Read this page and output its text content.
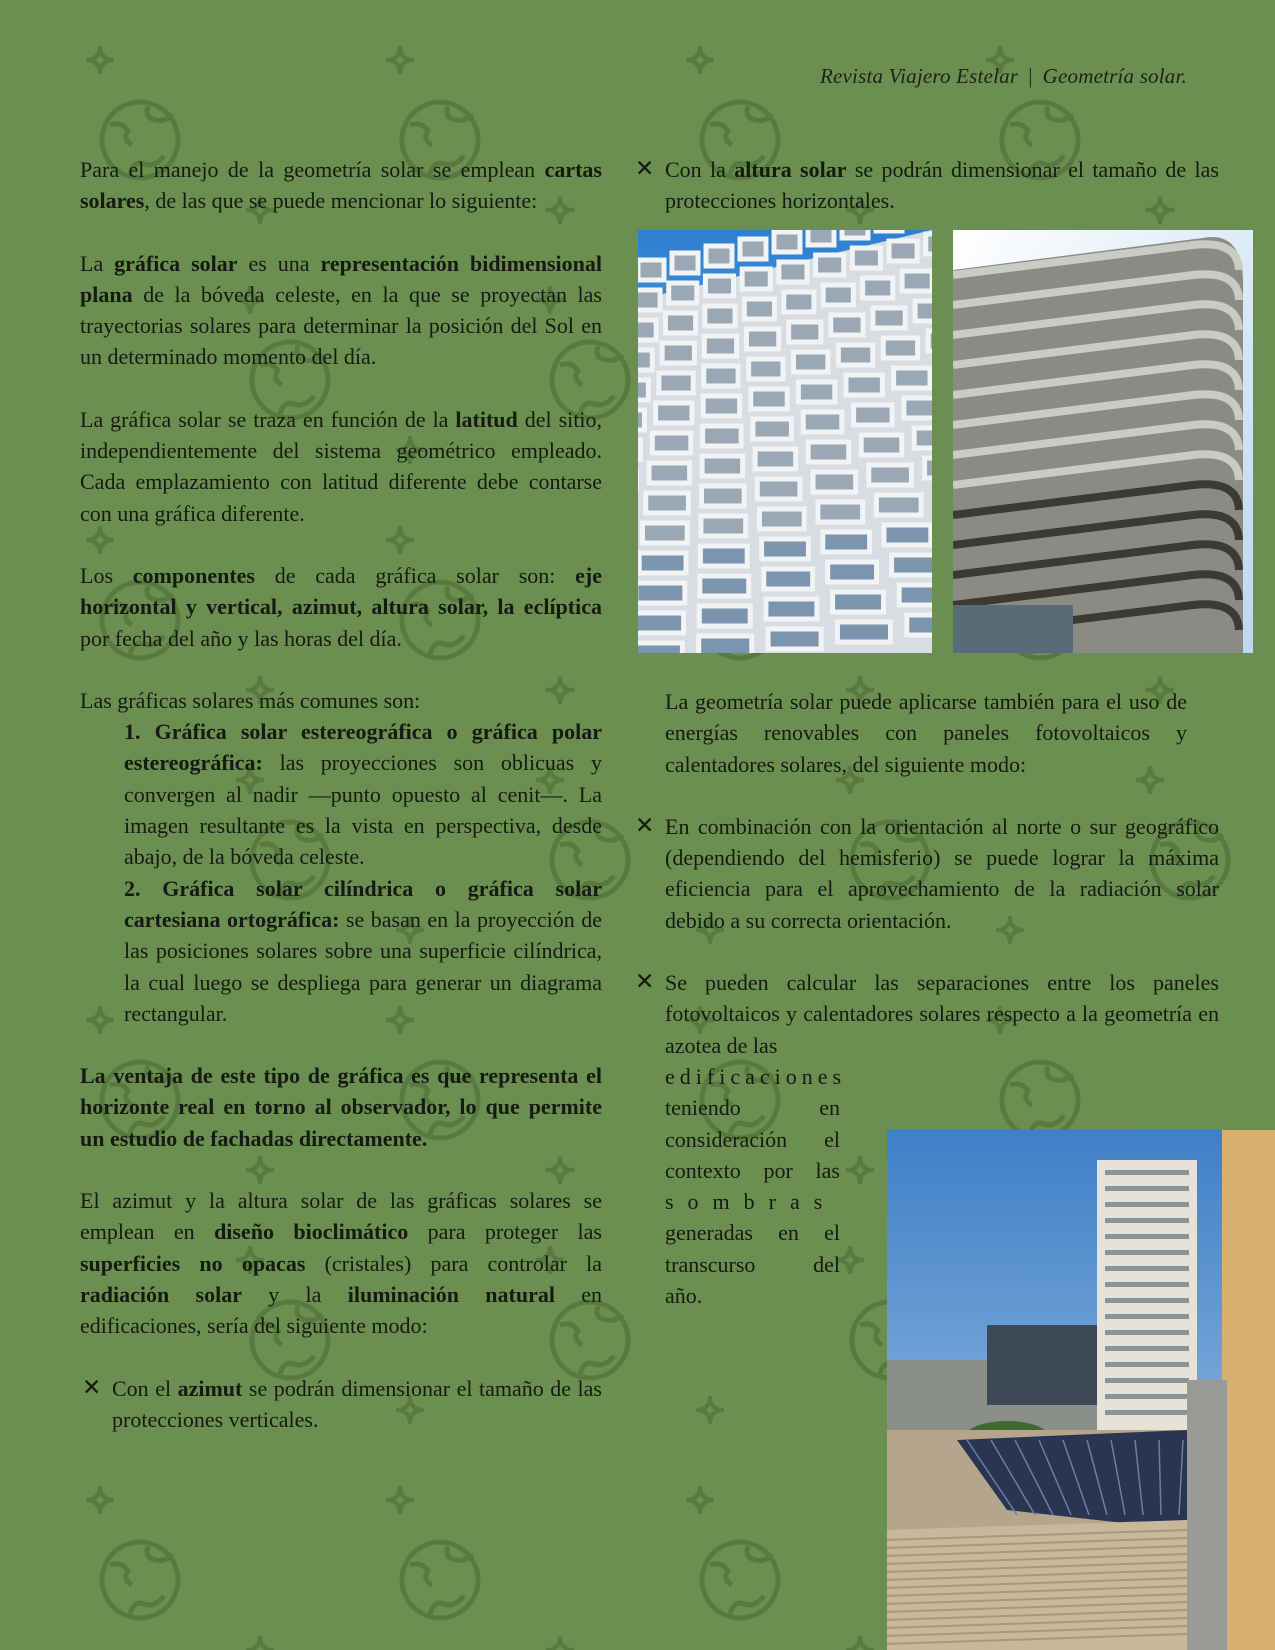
Revista Viajero Estelar | Geometría solar.

Para el manejo de la geometría solar se emplean cartas solares, de las que se puede mencionar lo siguiente:

La gráfica solar es una representación bidimensional plana de la bóveda celeste, en la que se proyectan las trayectorias solares para determinar la posición del Sol en un determinado momento del día.

La gráfica solar se traza en función de la latitud del sitio, independientemente del sistema geométrico empleado. Cada emplazamiento con latitud diferente debe contarse con una gráfica diferente.

Los componentes de cada gráfica solar son: eje horizontal y vertical, azimut, altura solar, la eclíptica por fecha del año y las horas del día.

Las gráficas solares más comunes son:
1. Gráfica solar estereográfica o gráfica polar estereográfica: las proyecciones son oblicuas y convergen al nadir —punto opuesto al cenit—. La imagen resultante es la vista en perspectiva, desde abajo, de la bóveda celeste.
2. Gráfica solar cilíndrica o gráfica solar cartesiana ortográfica: se basan en la proyección de las posiciones solares sobre una superficie cilíndrica, la cual luego se despliega para generar un diagrama rectangular.

La ventaja de este tipo de gráfica es que representa el horizonte real en torno al observador, lo que permite un estudio de fachadas directamente.

El azimut y la altura solar de las gráficas solares se emplean en diseño bioclimático para proteger las superficies no opacas (cristales) para controlar la radiación solar y la iluminación natural en edificaciones, sería del siguiente modo:

✕ Con el azimut se podrán dimensionar el tamaño de las protecciones verticales.
✕ Con la altura solar se podrán dimensionar el tamaño de las protecciones horizontales.

La geometría solar puede aplicarse también para el uso de energías renovables con paneles fotovoltaicos y calentadores solares, del siguiente modo:

✕ En combinación con la orientación al norte o sur geográfico (dependiendo del hemisferio) se puede lograr la máxima eficiencia para el aprovechamiento de la radiación solar debido a su correcta orientación.
✕ Se pueden calcular las separaciones entre los paneles fotovoltaicos y calentadores solares respecto a la geometría en azotea de las
edificaciones
teniendo en
consideración el
contexto por las
sombras
generadas en el
transcurso del
año.
